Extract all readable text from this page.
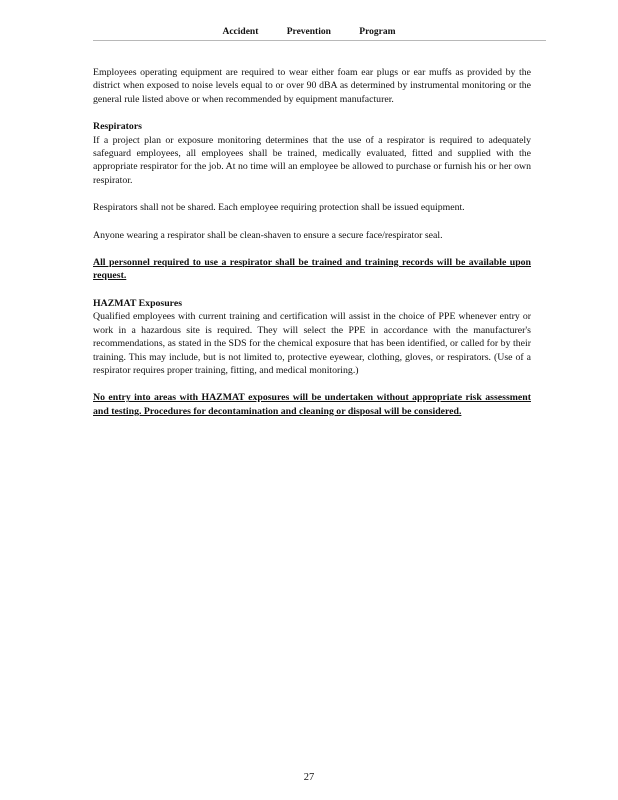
Accident Prevention Program

Employees operating equipment are required to wear either foam ear plugs or ear muffs as provided by the district when exposed to noise levels equal to or over 90 dBA as determined by instrumental monitoring or the general rule listed above or when recommended by equipment manufacturer.

Respirators

If a project plan or exposure monitoring determines that the use of a respirator is required to adequately safeguard employees, all employees shall be trained, medically evaluated, fitted and supplied with the appropriate respirator for the job. At no time will an employee be allowed to purchase or furnish his or her own respirator.

Respirators shall not be shared. Each employee requiring protection shall be issued equipment.

Anyone wearing a respirator shall be clean-shaven to ensure a secure face/respirator seal.

All personnel required to use a respirator shall be trained and training records will be available upon request.

HAZMAT Exposures

Qualified employees with current training and certification will assist in the choice of PPE whenever entry or work in a hazardous site is required. They will select the PPE in accordance with the manufacturer's recommendations, as stated in the SDS for the chemical exposure that has been identified, or called for by their training. This may include, but is not limited to, protective eyewear, clothing, gloves, or respirators. (Use of a respirator requires proper training, fitting, and medical monitoring.)

No entry into areas with HAZMAT exposures will be undertaken without appropriate risk assessment and testing. Procedures for decontamination and cleaning or disposal will be considered.

27
